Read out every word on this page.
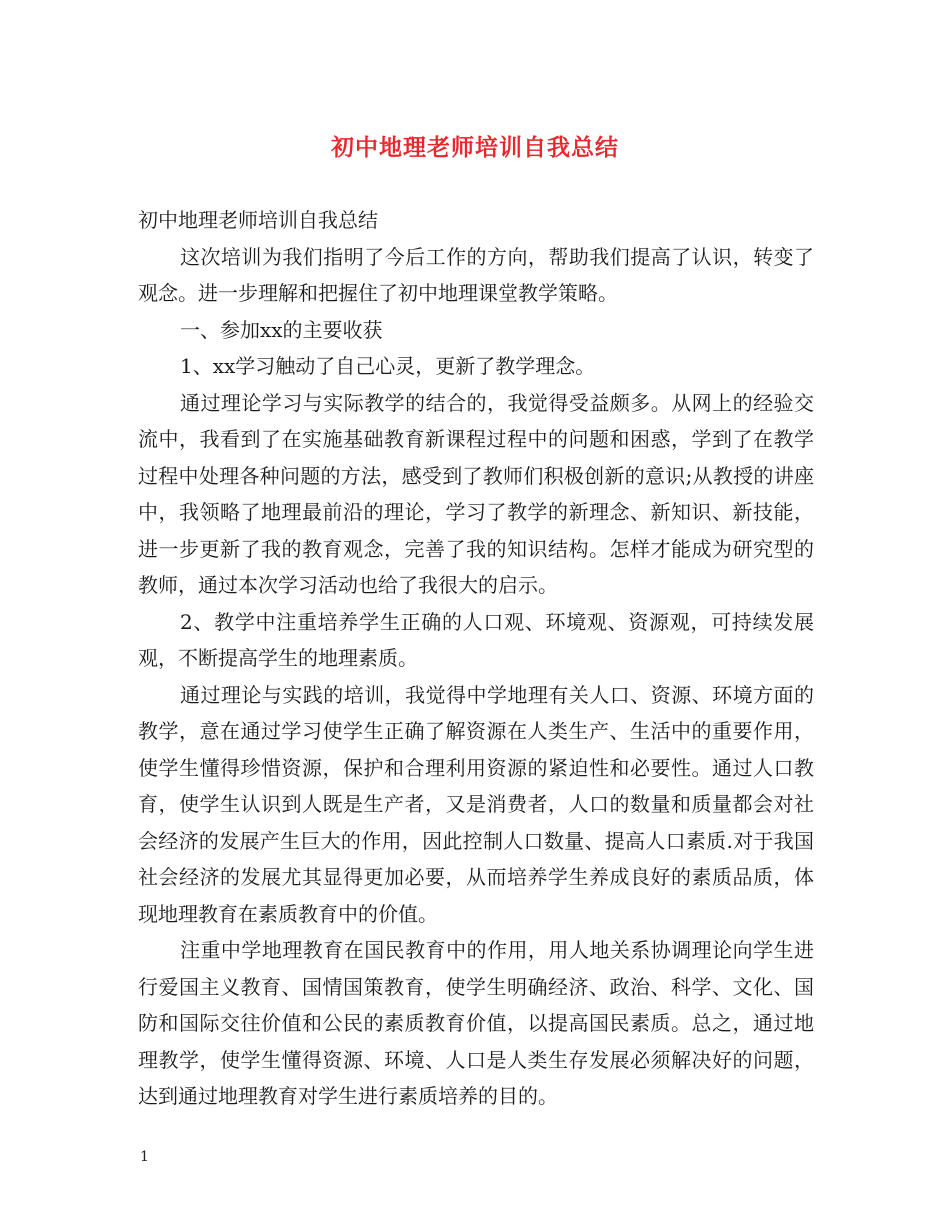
初中地理老师培训自我总结

初中地理老师培训自我总结

这次培训为我们指明了今后工作的方向，帮助我们提高了认识，转变了观念。进一步理解和把握住了初中地理课堂教学策略。

一、参加xx的主要收获

1、xx学习触动了自己心灵，更新了教学理念。

通过理论学习与实际教学的结合的，我觉得受益颇多。从网上的经验交流中，我看到了在实施基础教育新课程过程中的问题和困惑，学到了在教学过程中处理各种问题的方法，感受到了教师们积极创新的意识;从教授的讲座中，我领略了地理最前沿的理论，学习了教学的新理念、新知识、新技能，进一步更新了我的教育观念，完善了我的知识结构。怎样才能成为研究型的教师，通过本次学习活动也给了我很大的启示。

2、教学中注重培养学生正确的人口观、环境观、资源观，可持续发展观，不断提高学生的地理素质。

通过理论与实践的培训，我觉得中学地理有关人口、资源、环境方面的教学，意在通过学习使学生正确了解资源在人类生产、生活中的重要作用，使学生懂得珍惜资源，保护和合理利用资源的紧迫性和必要性。通过人口教育，使学生认识到人既是生产者，又是消费者，人口的数量和质量都会对社会经济的发展产生巨大的作用，因此控制人口数量、提高人口素质.对于我国社会经济的发展尤其显得更加必要，从而培养学生养成良好的素质品质，体现地理教育在素质教育中的价值。

注重中学地理教育在国民教育中的作用，用人地关系协调理论向学生进行爱国主义教育、国情国策教育，使学生明确经济、政治、科学、文化、国防和国际交往价值和公民的素质教育价值，以提高国民素质。总之，通过地理教学，使学生懂得资源、环境、人口是人类生存发展必须解决好的问题，达到通过地理教育对学生进行素质培养的目的。

1
